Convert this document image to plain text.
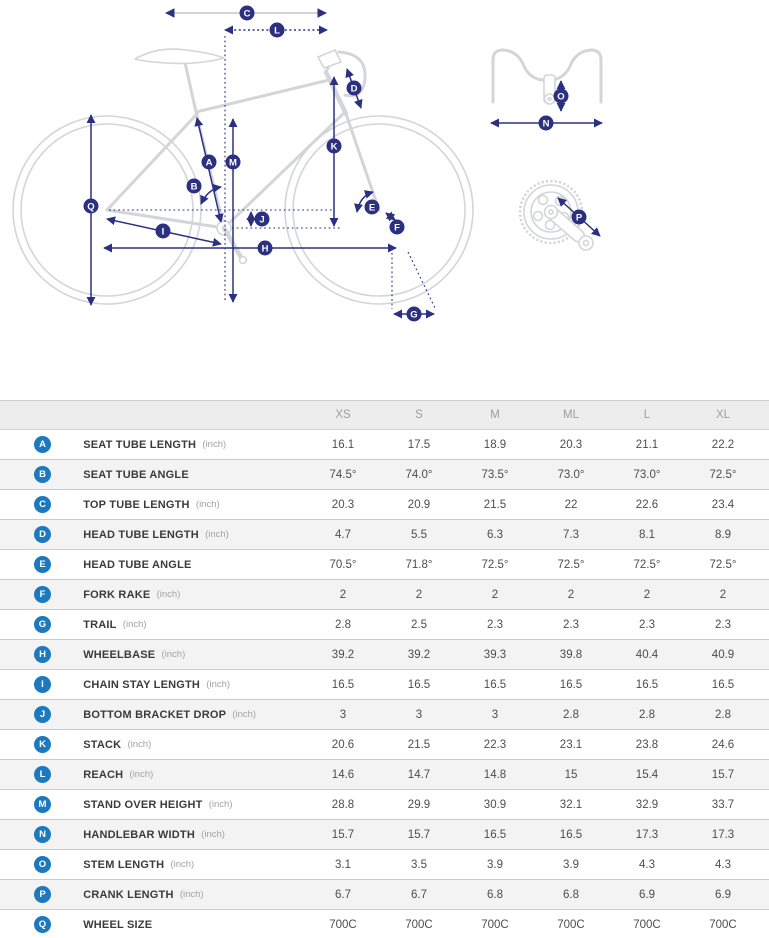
A
B
C
D
E
F
G
H
I
J
K
L
M
N
O
P
Q
	XS	S	M	ML	L	XL
A SEAT TUBE LENGTH (inch)	16.1	17.5	18.9	20.3	21.1	22.2
B SEAT TUBE ANGLE	74.5°	74.0°	73.5°	73.0°	73.0°	72.5°
C TOP TUBE LENGTH (inch)	20.3	20.9	21.5	22	22.6	23.4
D HEAD TUBE LENGTH (inch)	4.7	5.5	6.3	7.3	8.1	8.9
E HEAD TUBE ANGLE	70.5°	71.8°	72.5°	72.5°	72.5°	72.5°
F FORK RAKE (inch)	2	2	2	2	2	2
G TRAIL (inch)	2.8	2.5	2.3	2.3	2.3	2.3
H WHEELBASE (inch)	39.2	39.2	39.3	39.8	40.4	40.9
I CHAIN STAY LENGTH (inch)	16.5	16.5	16.5	16.5	16.5	16.5
J BOTTOM BRACKET DROP (inch)	3	3	3	2.8	2.8	2.8
K STACK (inch)	20.6	21.5	22.3	23.1	23.8	24.6
L REACH (inch)	14.6	14.7	14.8	15	15.4	15.7
M STAND OVER HEIGHT (inch)	28.8	29.9	30.9	32.1	32.9	33.7
N HANDLEBAR WIDTH (inch)	15.7	15.7	16.5	16.5	17.3	17.3
O STEM LENGTH (inch)	3.1	3.5	3.9	3.9	4.3	4.3
P CRANK LENGTH (inch)	6.7	6.7	6.8	6.8	6.9	6.9
Q WHEEL SIZE	700C	700C	700C	700C	700C	700C
